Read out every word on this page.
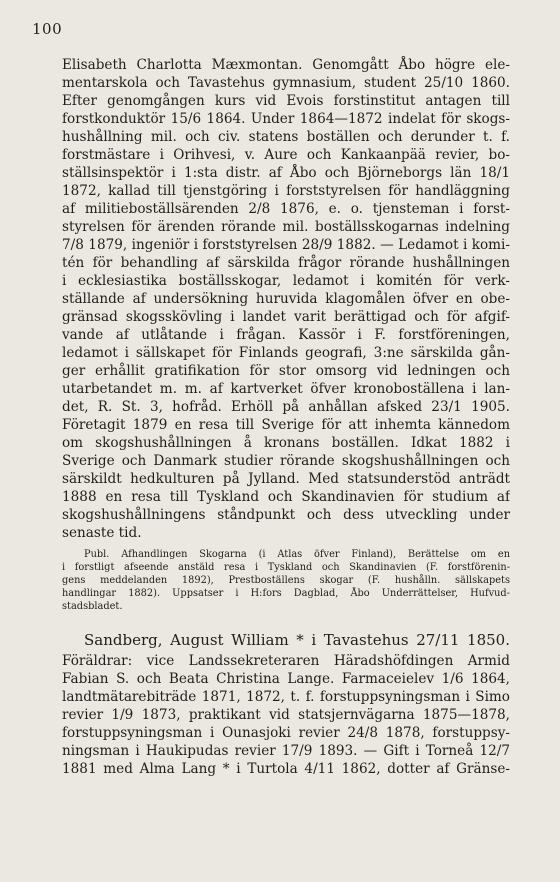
100
Elisabeth Charlotta Mæxmontan. Genomgått Åbo högre ele-
mentarskola och Tavastehus gymnasium, student 25/10 1860.
Efter genomgången kurs vid Evois forstinstitut antagen till
forstkonduktör 15/6 1864. Under 1864—1872 indelat för skogs-
hushållning mil. och civ. statens boställen och derunder t. f.
forstmästare i Orihvesi, v. Aure och Kankaanpää revier, bo-
ställsinspektör i 1:sta distr. af Åbo och Björneborgs län 18/1
1872, kallad till tjenstgöring i forststyrelsen för handläggning
af militieboställsärenden 2/8 1876, e. o. tjensteman i forst-
styrelsen för ärenden rörande mil. boställsskogarnas indelning
7/8 1879, ingeniör i forststyrelsen 28/9 1882. — Ledamot i komi-
tén för behandling af särskilda frågor rörande hushållningen
i ecklesiastika boställsskogar, ledamot i komitén för verk-
ställande af undersökning huruvida klagomålen öfver en obe-
gränsad skogsskövling i landet varit berättigad och för afgif-
vande af utlåtande i frågan. Kassör i F. forstföreningen,
ledamot i sällskapet för Finlands geografi, 3:ne särskilda gån-
ger erhållit gratifikation för stor omsorg vid ledningen och
utarbetandet m. m. af kartverket öfver kronoboställena i lan-
det, R. St. 3, hofråd. Erhöll på anhållan afsked 23/1 1905.
Företagit 1879 en resa till Sverige för att inhemta kännedom
om skogshushållningen å kronans boställen. Idkat 1882 i
Sverige och Danmark studier rörande skogshushållningen och
särskildt hedkulturen på Jylland. Med statsunderstöd anträdt
1888 en resa till Tyskland och Skandinavien för studium af
skogshushållningens ståndpunkt och dess utveckling under
senaste tid.
Publ. Afhandlingen Skogarna (i Atlas öfver Finland), Berättelse om en
i forstligt afseende anstäld resa i Tyskland och Skandinavien (F. forstförenin-
gens meddelanden 1892), Prestboställens skogar (F. hushålln. sällskapets
handlingar 1882). Uppsatser i H:fors Dagblad, Åbo Underrättelser, Hufvud-
stadsbladet.
Sandberg, August William * i Tavastehus 27/11 1850.
Föräldrar: vice Landssekreteraren Häradshöfdingen Armid
Fabian S. och Beata Christina Lange. Farmaceielev 1/6 1864,
landtmätarebiträde 1871, 1872, t. f. forstuppsyningsman i Simo
revier 1/9 1873, praktikant vid statsjernvägarna 1875—1878,
forstuppsyningsman i Ounasjoki revier 24/8 1878, forstuppsy-
ningsman i Haukipudas revier 17/9 1893. — Gift i Torneå 12/7
1881 med Alma Lang * i Turtola 4/11 1862, dotter af Gränse-
